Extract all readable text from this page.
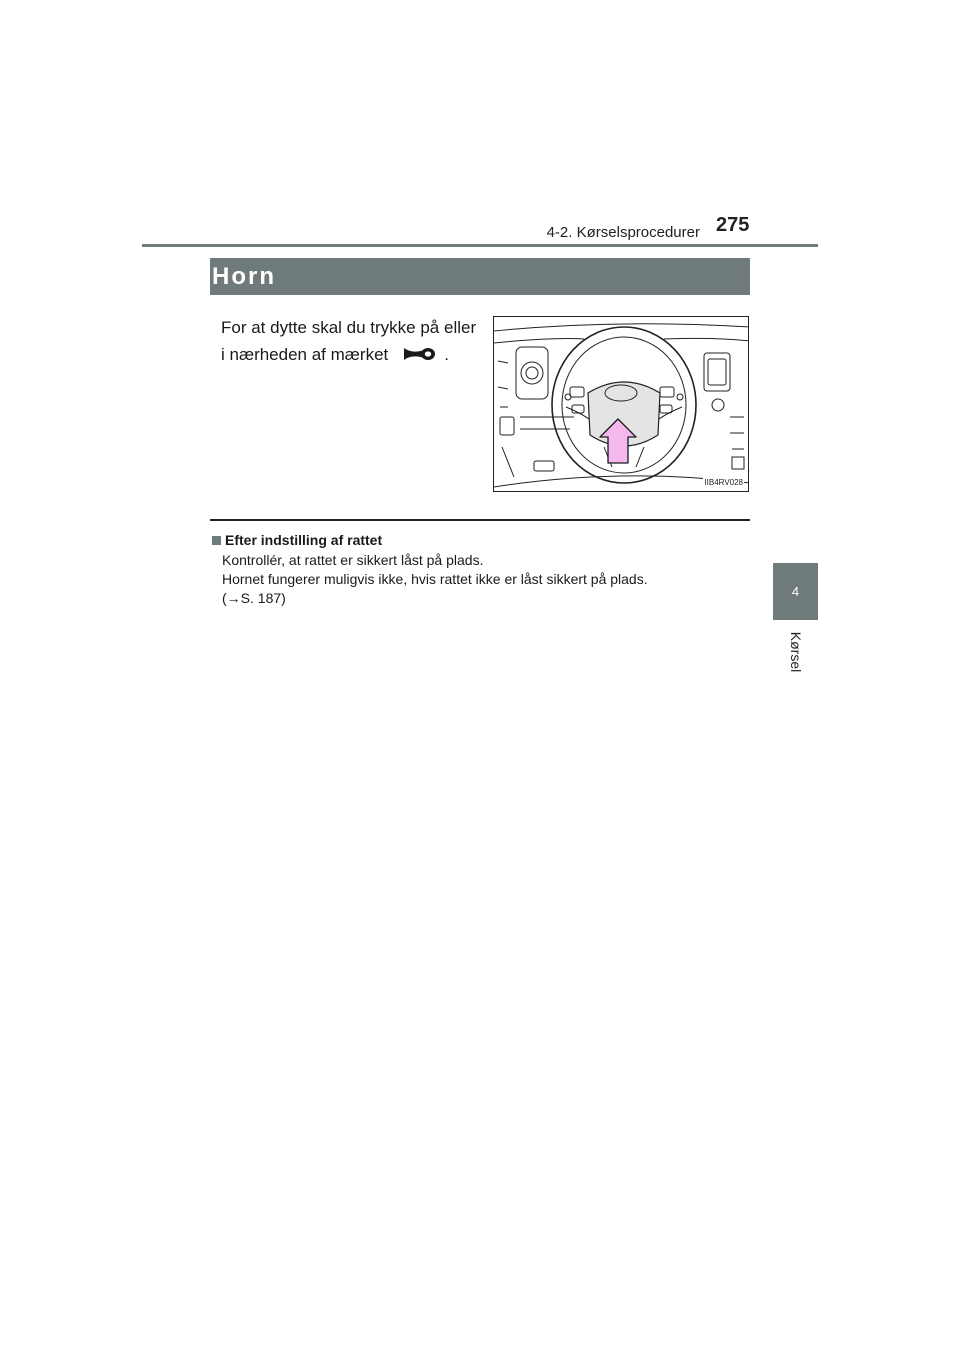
4-2. Kørselsprocedurer 275
4
Kørsel
Horn
For at dytte skal du trykke på eller
i nærheden af mærket	.
IIB4RV028
Efter indstilling af rattet
Kontrollér, at rattet er sikkert låst på plads.
Hornet fungerer muligvis ikke, hvis rattet ikke er låst sikkert på plads.
(→S. 187)
